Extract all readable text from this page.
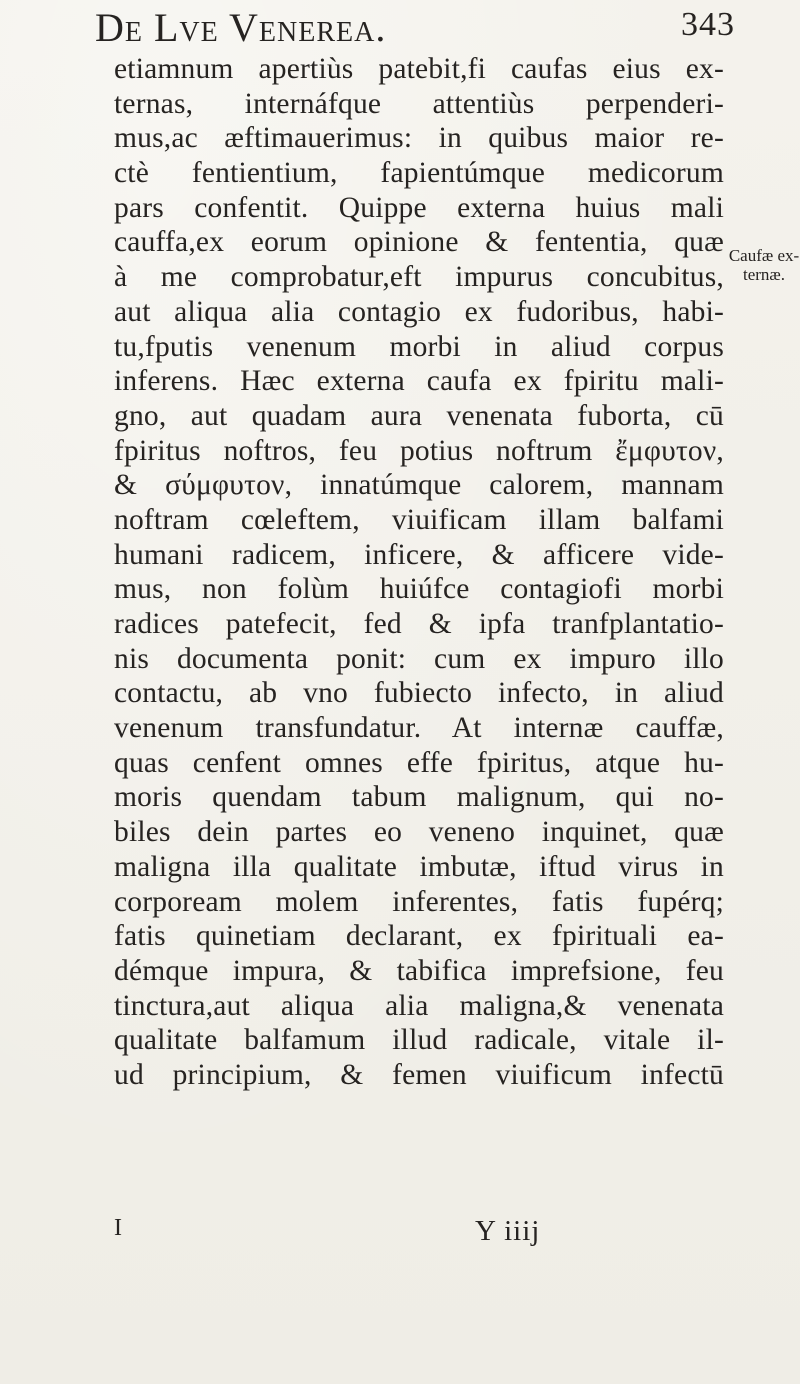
De Lve Venerea.	343
Caufæ ex-
ternæ.
etiamnum apertiùs patebit,fi caufas eius ex-
ternas, internáfque attentiùs perpenderi-
mus,ac æftimauerimus: in quibus maior re-
ctè fentientium, fapientúmque medicorum
pars confentit. Quippe externa huius mali
cauffa,ex eorum opinione & fententia, quæ
à me comprobatur,eft impurus concubitus,
aut aliqua alia contagio ex fudoribus, habi-
tu,fputis venenum morbi in aliud corpus
inferens. Hæc externa caufa ex fpiritu mali-
gno, aut quadam aura venenata fuborta, cū
fpiritus noftros, feu potius noftrum ἔμφυτον,
& σύμφυτον, innatúmque calorem, mannam
noftram cœleftem, viuificam illam balfami
humani radicem, inficere, & afficere vide-
mus, non folùm huiúfce contagiofi morbi
radices patefecit, fed & ipfa tranfplantatio-
nis documenta ponit: cum ex impuro illo
contactu, ab vno fubiecto infecto, in aliud
venenum transfundatur. At internæ cauffæ,
quas cenfent omnes effe fpiritus, atque hu-
moris quendam tabum malignum, qui no-
biles dein partes eo veneno inquinet, quæ
maligna illa qualitate imbutæ, iftud virus in
corpoream molem inferentes, fatis fupérq;
fatis quinetiam declarant, ex fpirituali ea-
démque impura, & tabifica imprefsione, feu
tinctura,aut aliqua alia maligna,& venenata
qualitate balfamum illud radicale, vitale il-
ud principium, & femen viuificum infectū
I	Y iiij
